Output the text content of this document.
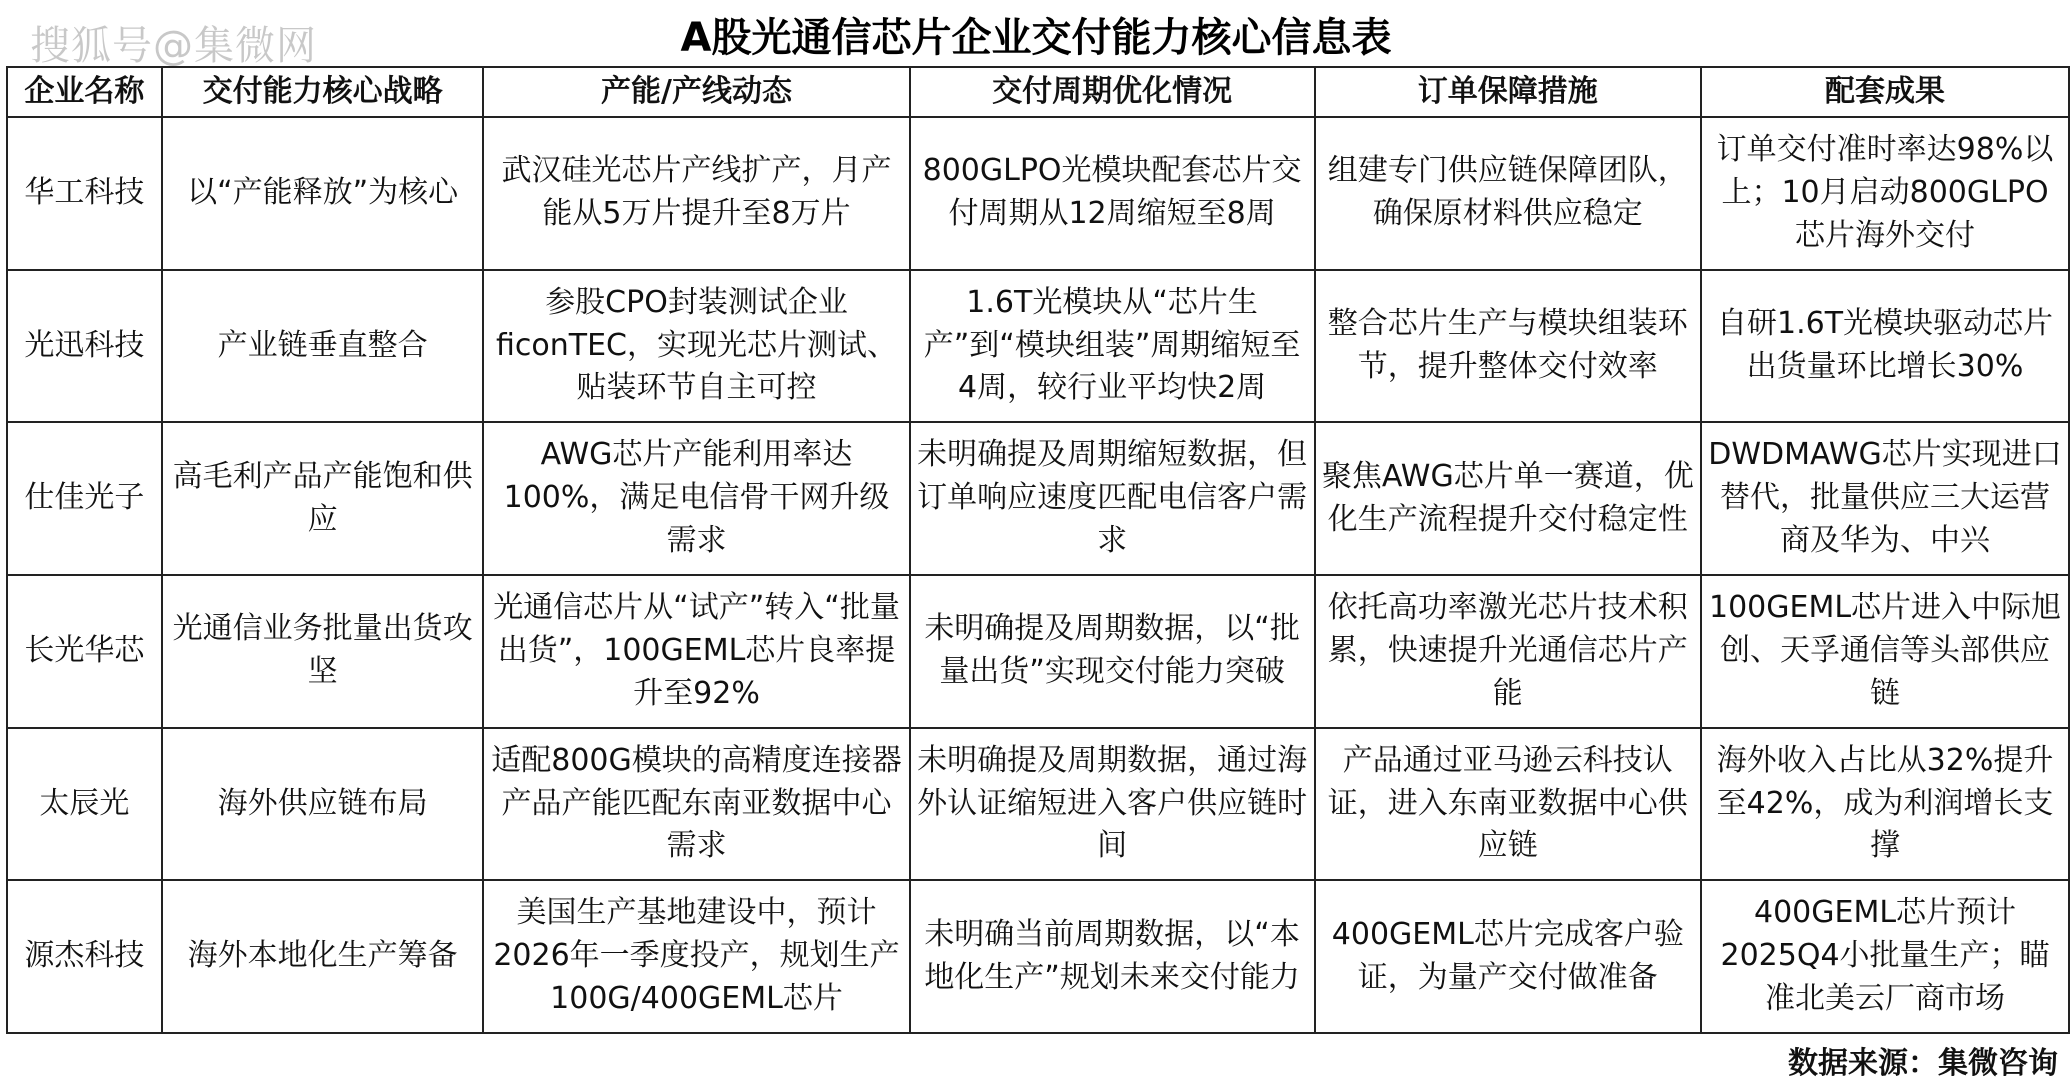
搜狐号@集微网	A股光通信芯片企业交付能力核心信息表
企业名称	交付能力核心战略	产能/产线动态	交付周期优化情况	订单保障措施	配套成果
华工科技	以“产能释放”为核心	武汉硅光芯片产线扩产，月产能从5万片提升至8万片	800GLPO光模块配套芯片交付周期从12周缩短至8周	组建专门供应链保障团队，确保原材料供应稳定	订单交付准时率达98%以上；10月启动800GLPO芯片海外交付
光迅科技	产业链垂直整合	参股CPO封装测试企业ficonTEC，实现光芯片测试、贴装环节自主可控	1.6T光模块从“芯片生产”到“模块组装”周期缩短至4周，较行业平均快2周	整合芯片生产与模块组装环节，提升整体交付效率	自研1.6T光模块驱动芯片出货量环比增长30%
仕佳光子	高毛利产品产能饱和供应	AWG芯片产能利用率达100%，满足电信骨干网升级需求	未明确提及周期缩短数据，但订单响应速度匹配电信客户需求	聚焦AWG芯片单一赛道，优化生产流程提升交付稳定性	DWDMAWG芯片实现进口替代，批量供应三大运营商及华为、中兴
长光华芯	光通信业务批量出货攻坚	光通信芯片从“试产”转入“批量出货”，100GEML芯片良率提升至92%	未明确提及周期数据，以“批量出货”实现交付能力突破	依托高功率激光芯片技术积累，快速提升光通信芯片产能	100GEML芯片进入中际旭创、天孚通信等头部供应链
太辰光	海外供应链布局	适配800G模块的高精度连接器产品产能匹配东南亚数据中心需求	未明确提及周期数据，通过海外认证缩短进入客户供应链时间	产品通过亚马逊云科技认证，进入东南亚数据中心供应链	海外收入占比从32%提升至42%，成为利润增长支撑
源杰科技	海外本地化生产筹备	美国生产基地建设中，预计2026年一季度投产，规划生产100G/400GEML芯片	未明确当前周期数据，以“本地化生产”规划未来交付能力	400GEML芯片完成客户验证，为量产交付做准备	400GEML芯片预计2025Q4小批量生产；瞄准北美云厂商市场
数据来源：集微咨询
